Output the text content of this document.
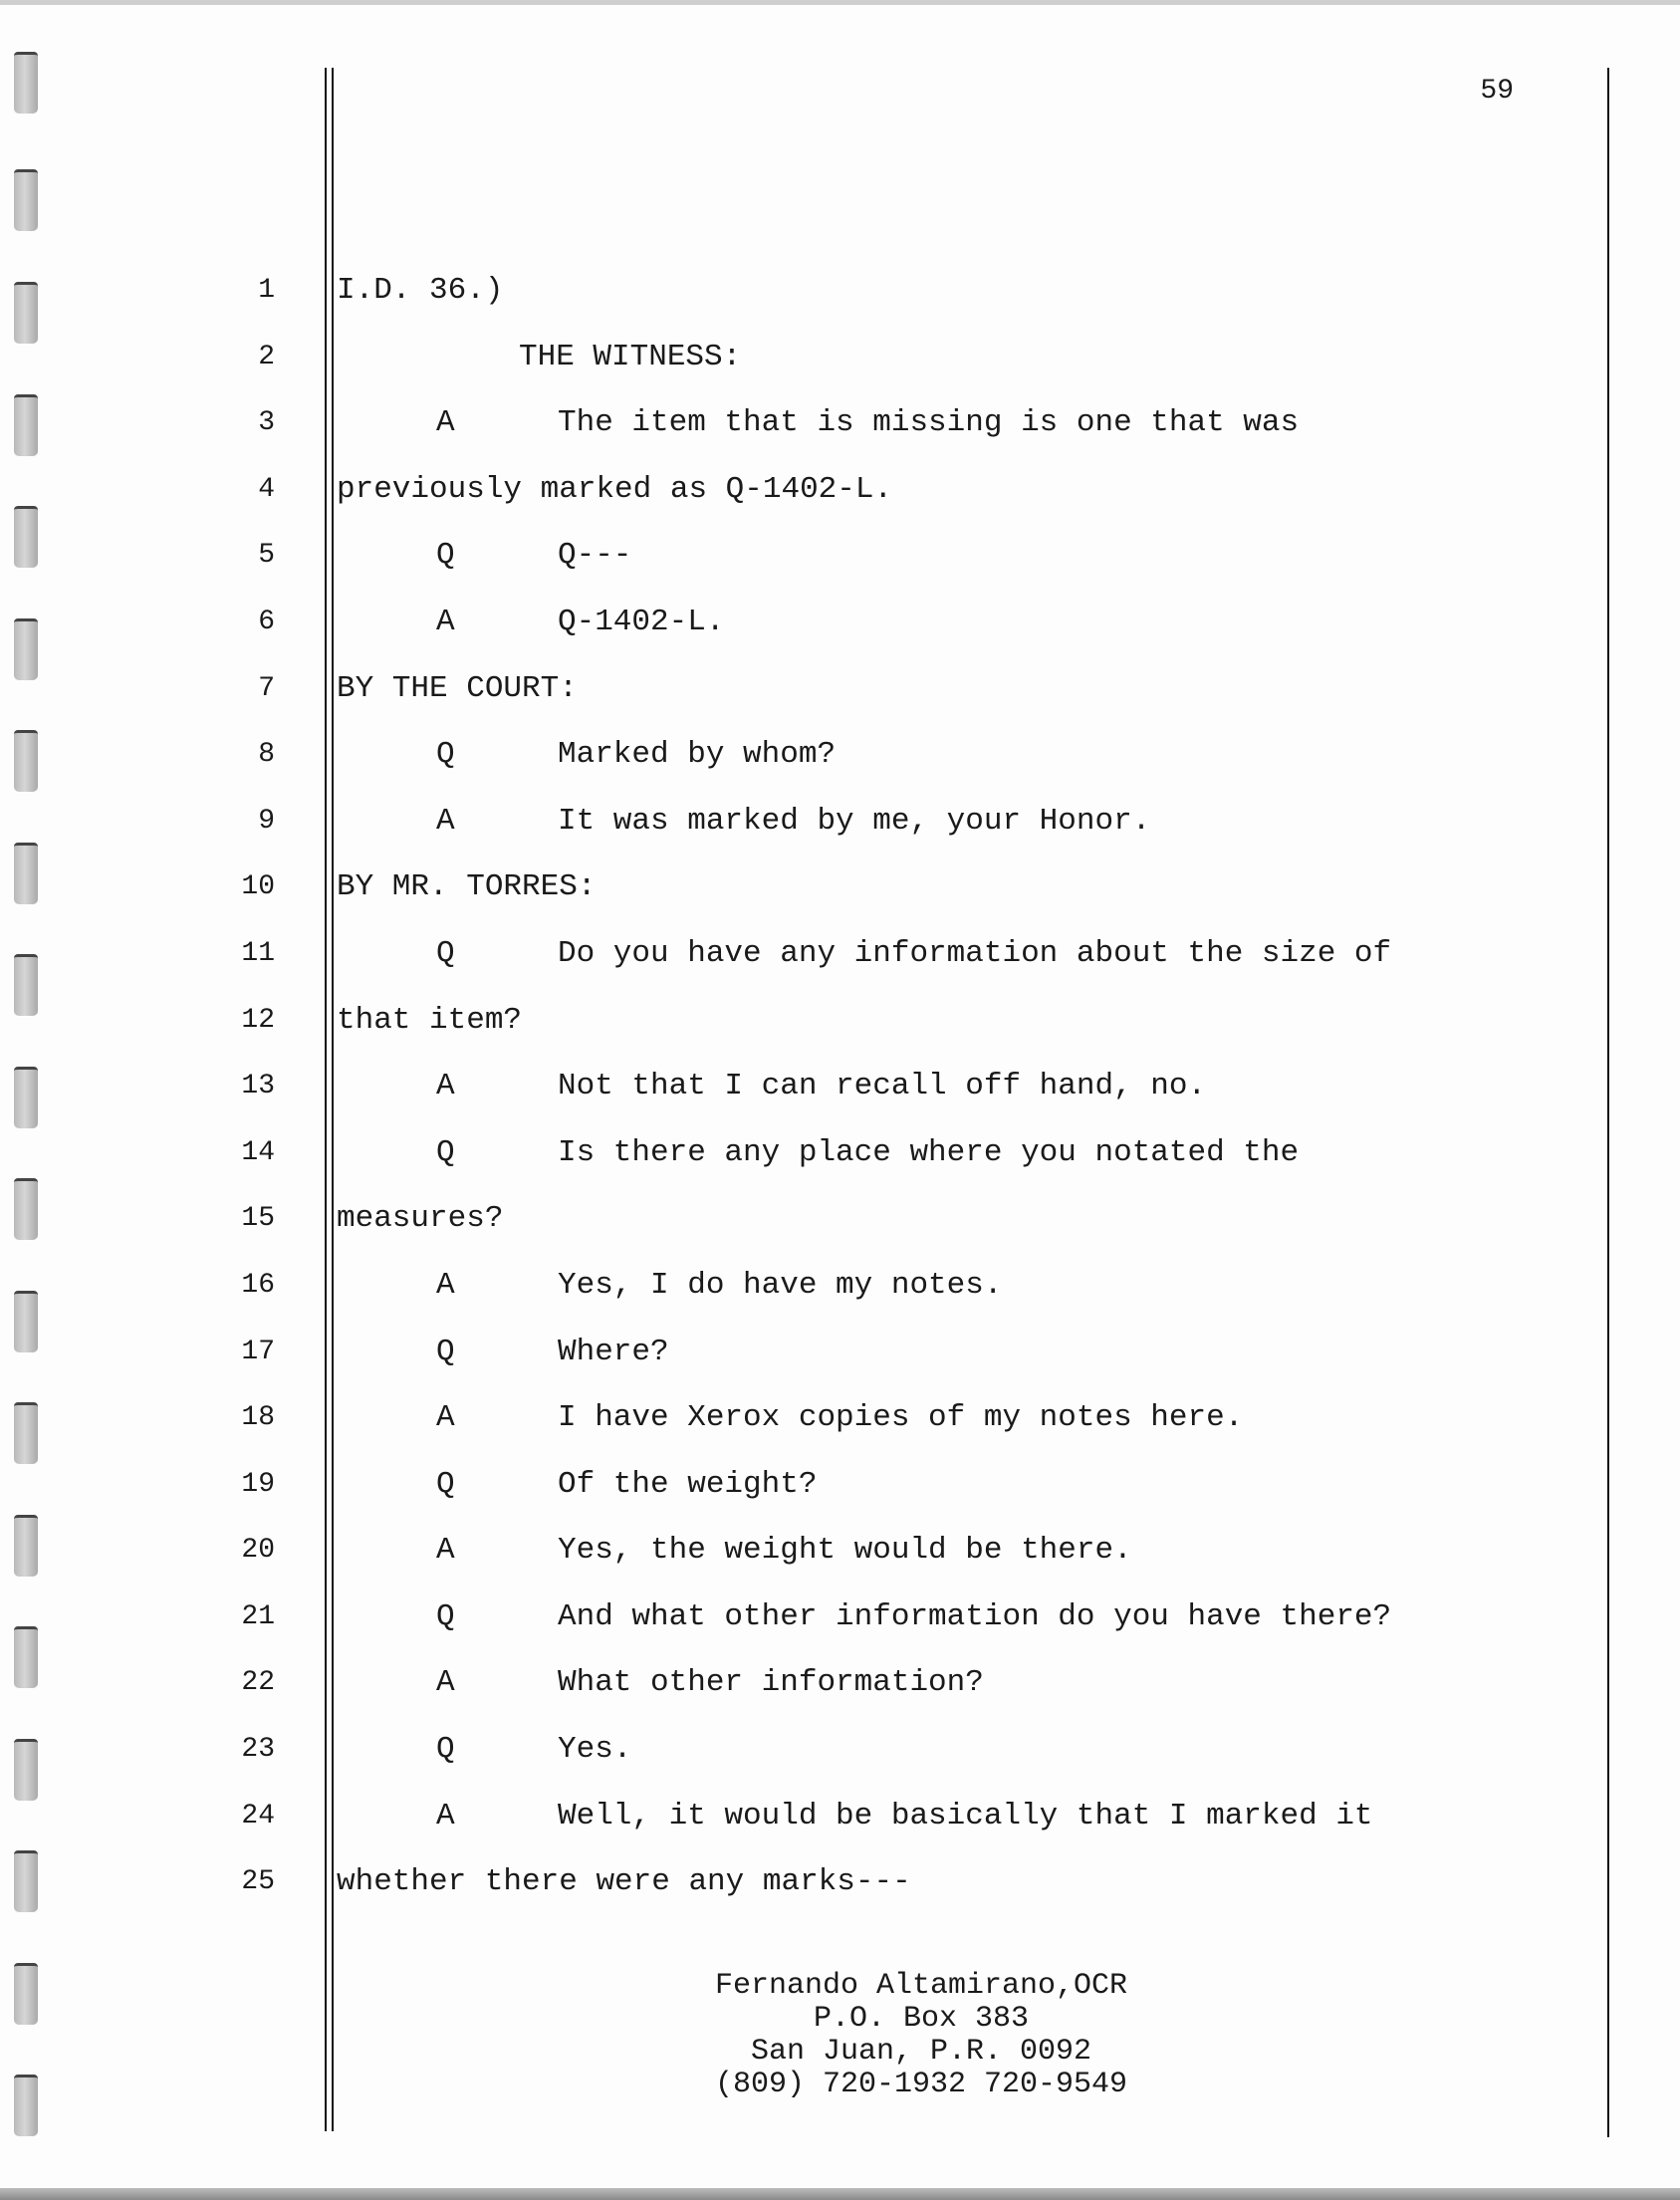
59
1
2
3
4
5
6
7
8
9
10
11
12
13
14
15
16
17
18
19
20
21
22
23
24
25
I.D. 36.)
THE WITNESS:
A	The item that is missing is one that was
previously marked as Q-1402-L.
Q	Q---
A	Q-1402-L.
BY THE COURT:
Q	Marked by whom?
A	It was marked by me, your Honor.
BY MR. TORRES:
Q	Do you have any information about the size of
that item?
A	Not that I can recall off hand, no.
Q	Is there any place where you notated the
measures?
A	Yes, I do have my notes.
Q	Where?
A	I have Xerox copies of my notes here.
Q	Of the weight?
A	Yes, the weight would be there.
Q	And what other information do you have there?
A	What other information?
Q	Yes.
A	Well, it would be basically that I marked it
whether there were any marks---
Fernando Altamirano,OCR
P.O. Box 383
San Juan, P.R. 0092
(809) 720-1932 720-9549
